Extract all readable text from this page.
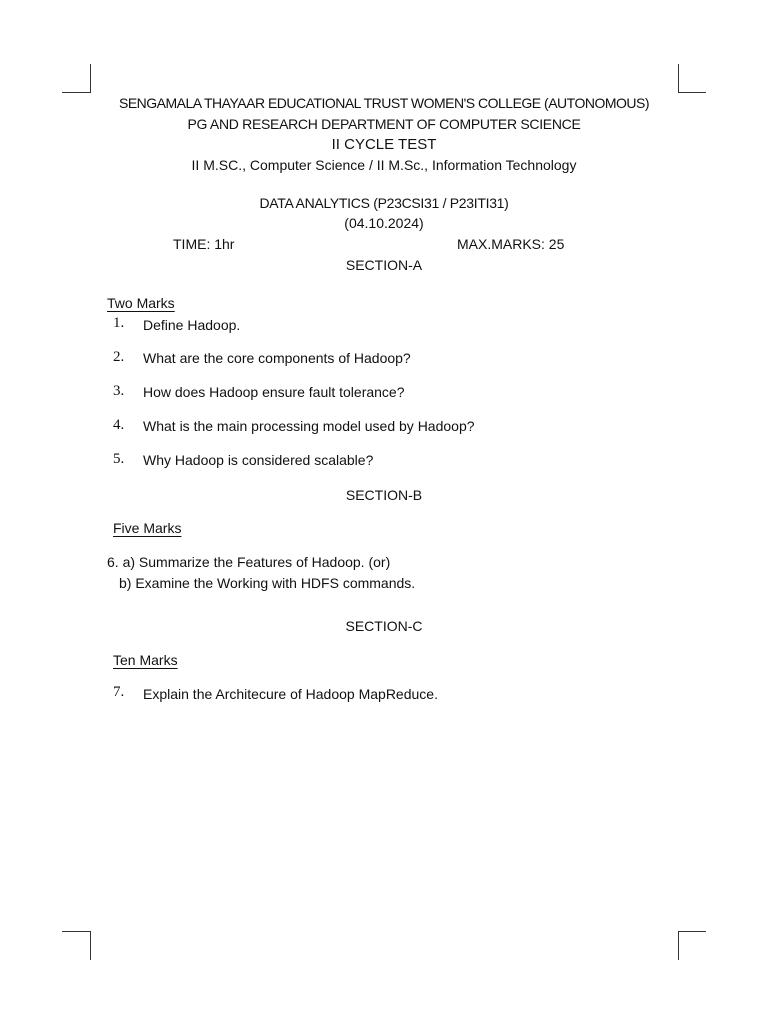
SENGAMALA THAYAAR EDUCATIONAL TRUST WOMEN'S COLLEGE (AUTONOMOUS)
PG AND RESEARCH DEPARTMENT OF COMPUTER SCIENCE
II CYCLE TEST
II M.SC., Computer Science / II M.Sc., Information Technology
DATA ANALYTICS (P23CSI31 / P23ITI31)
(04.10.2024)
TIME: 1hr	MAX.MARKS: 25
SECTION-A
Two Marks
1. Define Hadoop.
2. What are the core components of Hadoop?
3. How does Hadoop ensure fault tolerance?
4. What is the main processing model used by Hadoop?
5. Why Hadoop is considered scalable?
SECTION-B
Five Marks
6. a) Summarize the Features of Hadoop. (or)
b) Examine the Working with HDFS commands.
SECTION-C
Ten Marks
7. Explain the Architecure of Hadoop MapReduce.
